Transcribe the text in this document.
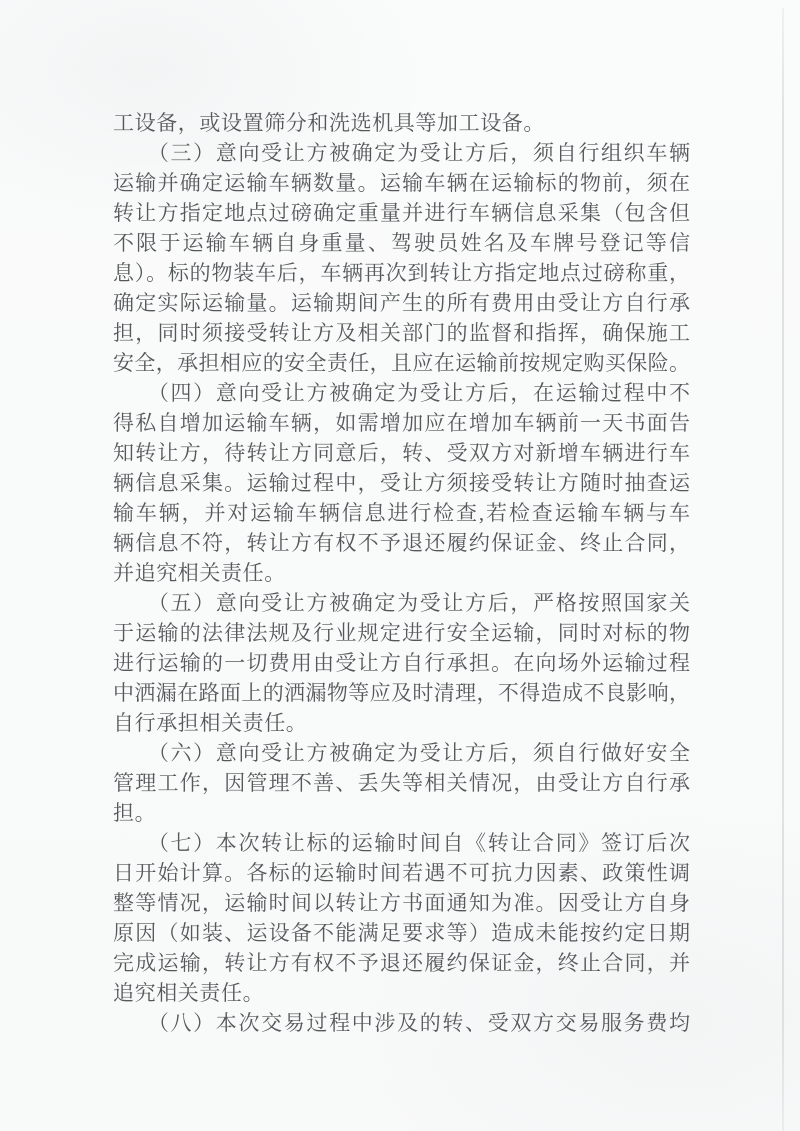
工设备，或设置筛分和洗选机具等加工设备。
　　（三）意向受让方被确定为受让方后，须自行组织车辆
运输并确定运输车辆数量。运输车辆在运输标的物前，须在
转让方指定地点过磅确定重量并进行车辆信息采集（包含但
不限于运输车辆自身重量、驾驶员姓名及车牌号登记等信
息）。标的物装车后，车辆再次到转让方指定地点过磅称重，
确定实际运输量。运输期间产生的所有费用由受让方自行承
担，同时须接受转让方及相关部门的监督和指挥，确保施工
安全，承担相应的安全责任，且应在运输前按规定购买保险。
　　（四）意向受让方被确定为受让方后，在运输过程中不
得私自增加运输车辆，如需增加应在增加车辆前一天书面告
知转让方，待转让方同意后，转、受双方对新增车辆进行车
辆信息采集。运输过程中，受让方须接受转让方随时抽查运
输车辆，并对运输车辆信息进行检查,若检查运输车辆与车
辆信息不符，转让方有权不予退还履约保证金、终止合同，
并追究相关责任。
　　（五）意向受让方被确定为受让方后，严格按照国家关
于运输的法律法规及行业规定进行安全运输，同时对标的物
进行运输的一切费用由受让方自行承担。在向场外运输过程
中洒漏在路面上的洒漏物等应及时清理，不得造成不良影响，
自行承担相关责任。
　　（六）意向受让方被确定为受让方后，须自行做好安全
管理工作，因管理不善、丢失等相关情况，由受让方自行承
担。
　　（七）本次转让标的运输时间自《转让合同》签订后次
日开始计算。各标的运输时间若遇不可抗力因素、政策性调
整等情况，运输时间以转让方书面通知为准。因受让方自身
原因（如装、运设备不能满足要求等）造成未能按约定日期
完成运输，转让方有权不予退还履约保证金，终止合同，并
追究相关责任。
　　（八）本次交易过程中涉及的转、受双方交易服务费均
